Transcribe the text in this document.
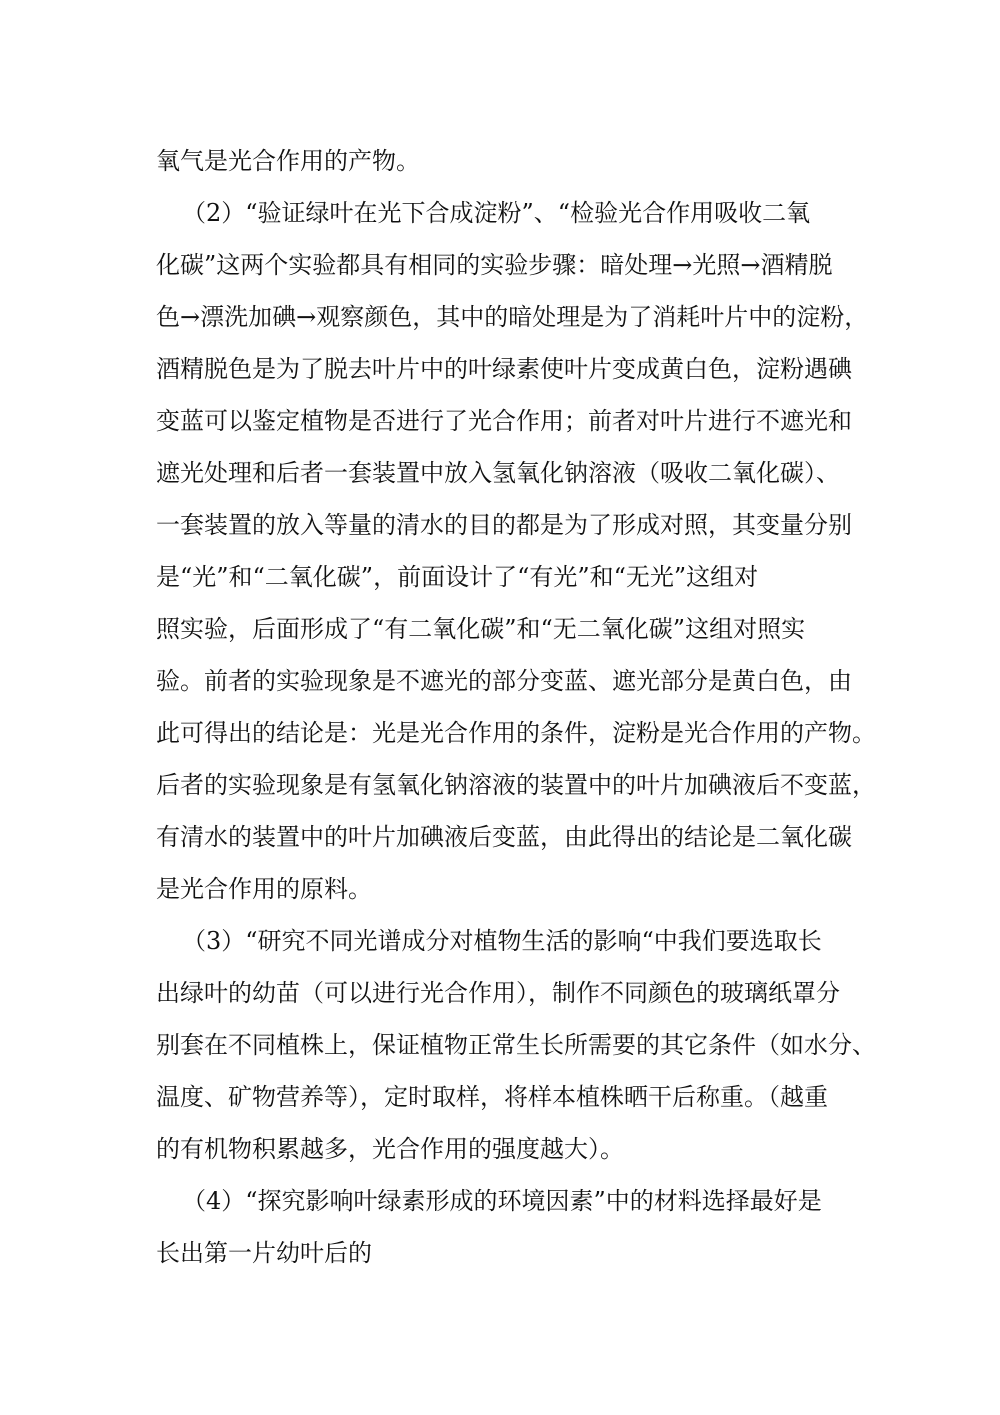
氧气是光合作用的产物。
（2）“验证绿叶在光下合成淀粉”、“检验光合作用吸收二氧
化碳”这两个实验都具有相同的实验步骤：暗处理→光照→酒精脱
色→漂洗加碘→观察颜色，其中的暗处理是为了消耗叶片中的淀粉，
酒精脱色是为了脱去叶片中的叶绿素使叶片变成黄白色，淀粉遇碘
变蓝可以鉴定植物是否进行了光合作用；前者对叶片进行不遮光和
遮光处理和后者一套装置中放入氢氧化钠溶液（吸收二氧化碳）、
一套装置的放入等量的清水的目的都是为了形成对照，其变量分别
是“光”和“二氧化碳”，前面设计了“有光”和“无光”这组对
照实验，后面形成了“有二氧化碳”和“无二氧化碳”这组对照实
验。前者的实验现象是不遮光的部分变蓝、遮光部分是黄白色，由
此可得出的结论是：光是光合作用的条件，淀粉是光合作用的产物。
后者的实验现象是有氢氧化钠溶液的装置中的叶片加碘液后不变蓝，
有清水的装置中的叶片加碘液后变蓝，由此得出的结论是二氧化碳
是光合作用的原料。
（3）“研究不同光谱成分对植物生活的影响“中我们要选取长
出绿叶的幼苗（可以进行光合作用），制作不同颜色的玻璃纸罩分
别套在不同植株上，保证植物正常生长所需要的其它条件（如水分、
温度、矿物营养等），定时取样，将样本植株晒干后称重。（越重
的有机物积累越多，光合作用的强度越大）。
（4）“探究影响叶绿素形成的环境因素”中的材料选择最好是
长出第一片幼叶后的
